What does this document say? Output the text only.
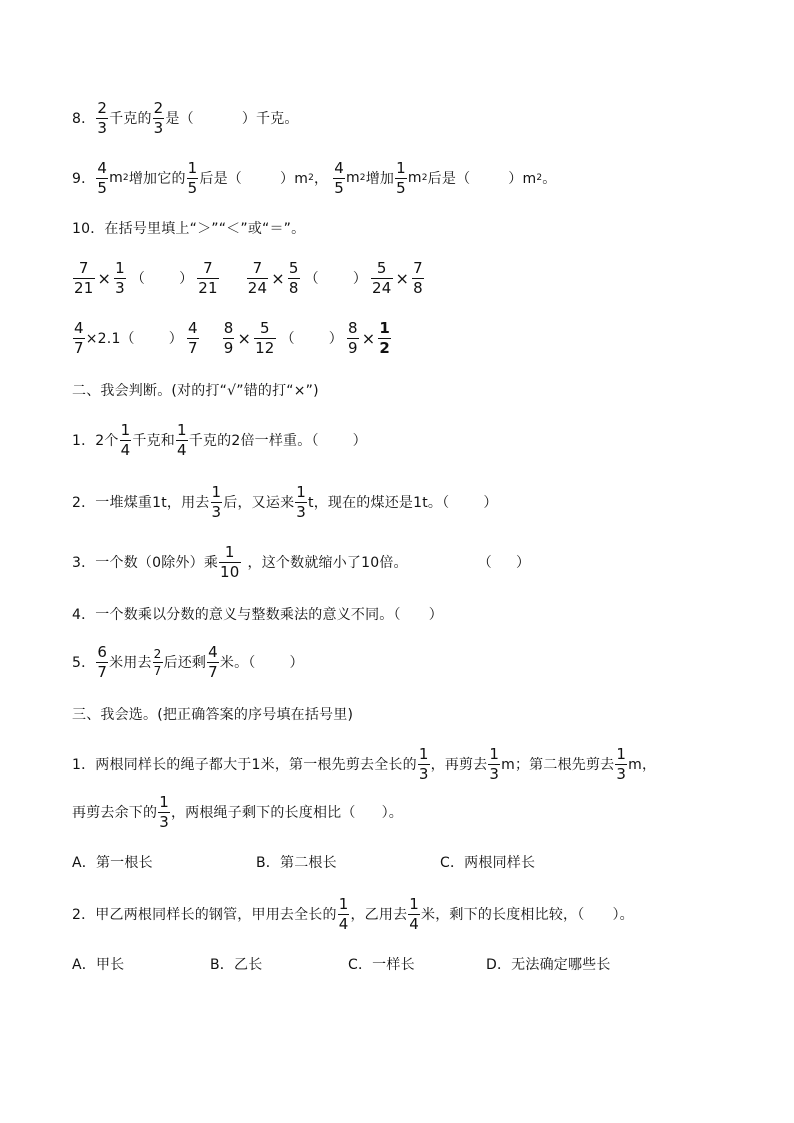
8． $\frac{2}{3}$ 千克的 $\frac{2}{3}$ 是（	）千克。
9． $\frac{4}{5}$ m 2 增加它的 $\frac{1}{5}$ 后是（	）m 2 ， $\frac{4}{5}$ m 2 增加 $\frac{1}{5}$ m 2 后是（	）m 2 。
10．在括号里填上“＞”“＜”或“＝”。
$\frac{7}{21} \times \frac{1}{3}$ （ ） $\frac{7}{21} \frac{7}{24} \times \frac{5}{8}$ （ ） $\frac{5}{24} \times \frac{7}{8}$
$\frac{4}{7} \times 2.1$（ ） $\frac{4}{7} \frac{8}{9} \times \frac{5}{12}$ （ ） $\frac{8}{9} \times \frac{1}{2}$
二、我会判断。(对的打“√”错的打“×”)
1．2个 $\frac{1}{4}$ 千克和 $\frac{1}{4}$ 千克的2倍一样重。（ ）
2．一堆煤重1t，用去 $\frac{1}{3}$ 后，又运来 $\frac{1}{3}$ t，现在的煤还是1t。（ ）
3．一个数（0除外）乘 $\frac{1}{10}$ ，这个数就缩小了10倍。	（ ）
4．一个数乘以分数的意义与整数乘法的意义不同。（ ）
5． $\frac{6}{7}$ 米用去 $\frac{2}{7}$ 后还剩 $\frac{4}{7}$ 米。（ ）
三、我会选。(把正确答案的序号填在括号里)
1．两根同样长的绳子都大于1米，第一根先剪去全长的 $\frac{1}{3}$ ，再剪去 $\frac{1}{3}$ m；第二根先剪去 $\frac{1}{3}$ m，
再剪去余下的 $\frac{1}{3}$ ，两根绳子剩下的长度相比（ ）。
A．第一根长	B．第二根长	C．两根同样长
2．甲乙两根同样长的钢管，甲用去全长的 $\frac{1}{4}$ ，乙用去 $\frac{1}{4}$ 米，剩下的长度相比较，（ ）。
A．甲长	B．乙长	C．一样长	D．无法确定哪些长
